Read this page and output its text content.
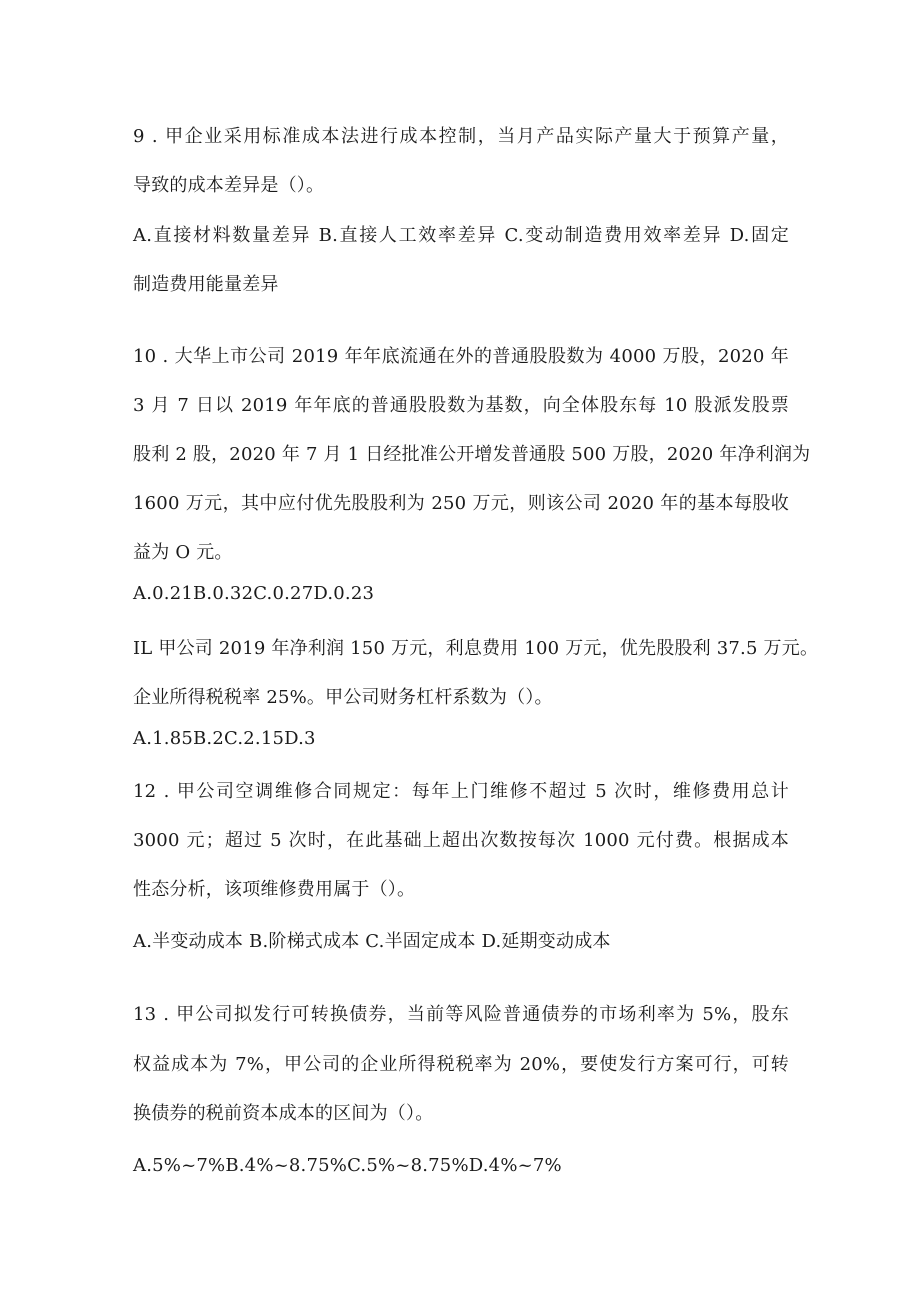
9 . 甲企业采用标准成本法进行成本控制，当月产品实际产量大于预算产量，
导致的成本差异是（）。
A.直接材料数量差异 B.直接人工效率差异 C.变动制造费用效率差异 D.固定
制造费用能量差异
10 . 大华上市公司 2019 年年底流通在外的普通股股数为 4000 万股，2020 年
3 月 7 日以 2019 年年底的普通股股数为基数，向全体股东每 10 股派发股票
股利 2 股，2020 年 7 月 1 日经批准公开增发普通股 500 万股，2020 年净利润为
1600 万元，其中应付优先股股利为 250 万元，则该公司 2020 年的基本每股收
益为 O 元。
A.0.21B.0.32C.0.27D.0.23
IL 甲公司 2019 年净利润 150 万元，利息费用 100 万元，优先股股利 37.5 万元。
企业所得税税率 25%。甲公司财务杠杆系数为（）。
A.1.85B.2C.2.15D.3
12 . 甲公司空调维修合同规定：每年上门维修不超过 5 次时，维修费用总计
3000 元；超过 5 次时，在此基础上超出次数按每次 1000 元付费。根据成本
性态分析，该项维修费用属于（）。
A.半变动成本 B.阶梯式成本 C.半固定成本 D.延期变动成本
13 . 甲公司拟发行可转换债券，当前等风险普通债券的市场利率为 5%，股东
权益成本为 7%，甲公司的企业所得税税率为 20%，要使发行方案可行，可转
换债券的税前资本成本的区间为（）。
A.5%~7%B.4%~8.75%C.5%~8.75%D.4%~7%
